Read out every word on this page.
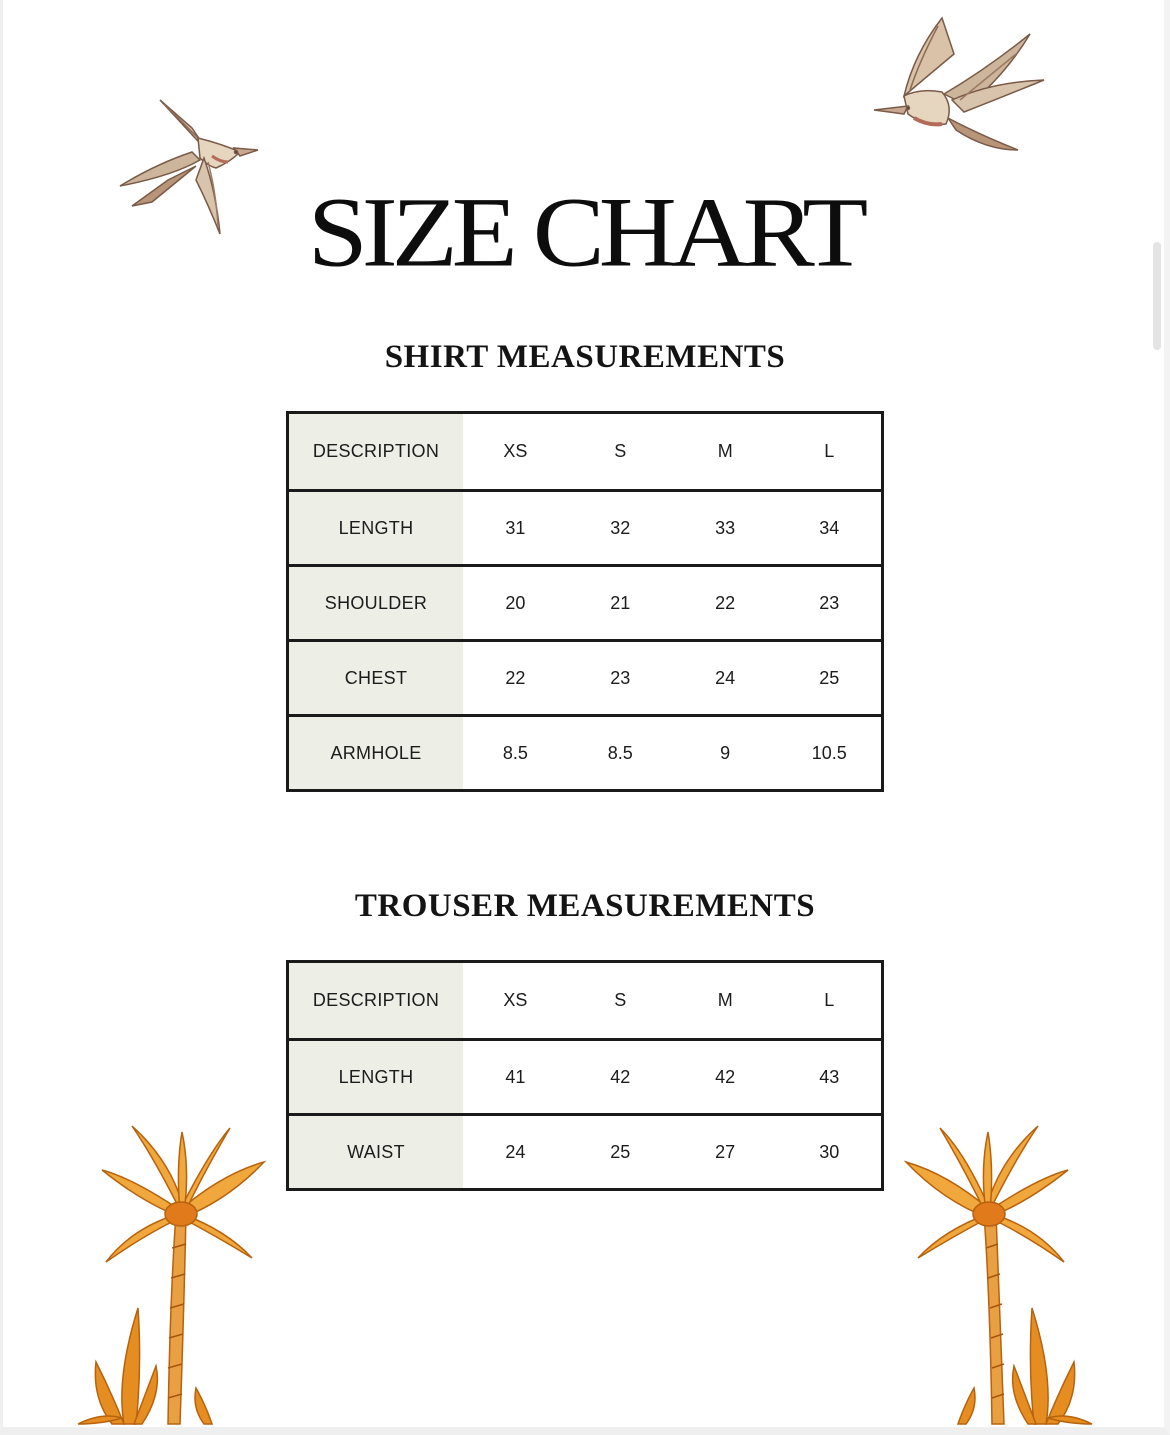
SIZE CHART
SHIRT MEASUREMENTS
DESCRIPTION	XS	S	M	L
LENGTH	31	32	33	34
SHOULDER	20	21	22	23
CHEST	22	23	24	25
ARMHOLE	8.5	8.5	9	10.5
TROUSER MEASUREMENTS
DESCRIPTION	XS	S	M	L
LENGTH	41	42	42	43
WAIST	24	25	27	30
